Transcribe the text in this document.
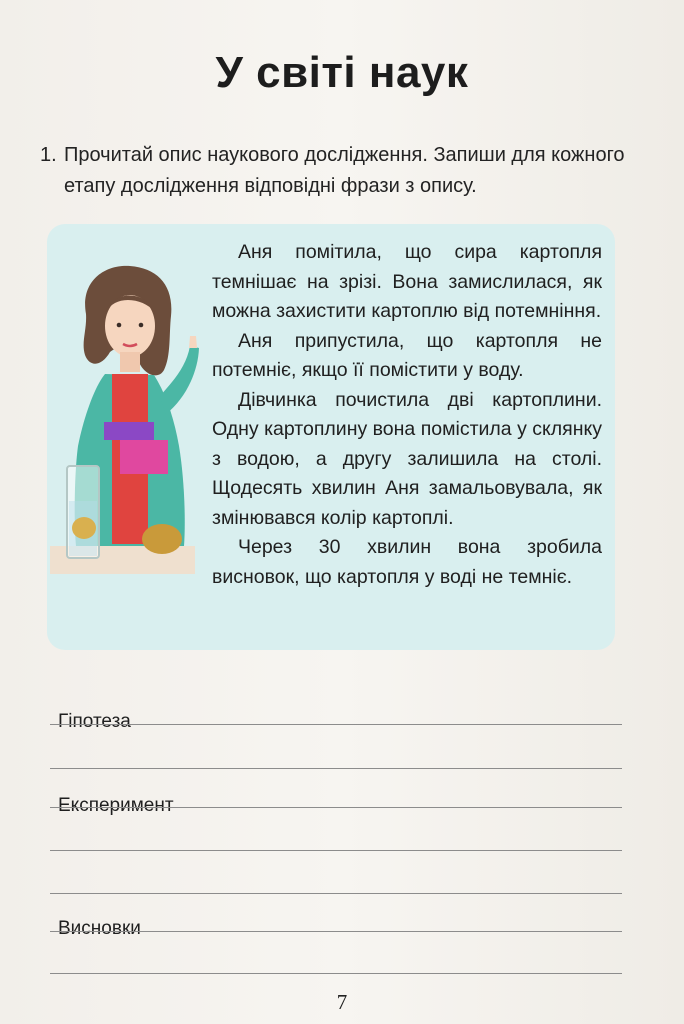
У світі наук
1. Прочитай опис наукового дослідження. Запиши для кожного етапу дослідження відповідні фрази з опису.

Аня помітила, що сира картопля темнішає на зрізі. Вона замислилася, як можна захистити картоплю від потемніння.

Аня припустила, що картопля не потемніє, якщо її помістити у воду.

Дівчинка почистила дві картоплини. Одну картоплину вона помістила у склянку з водою, а другу залишила на столі. Щодесять хвилин Аня замальовувала, як змінювався колір картоплі.

Через 30 хвилин вона зробила висновок, що картопля у воді не темніє.

Гіпотеза
Експеримент
Висновки
7
